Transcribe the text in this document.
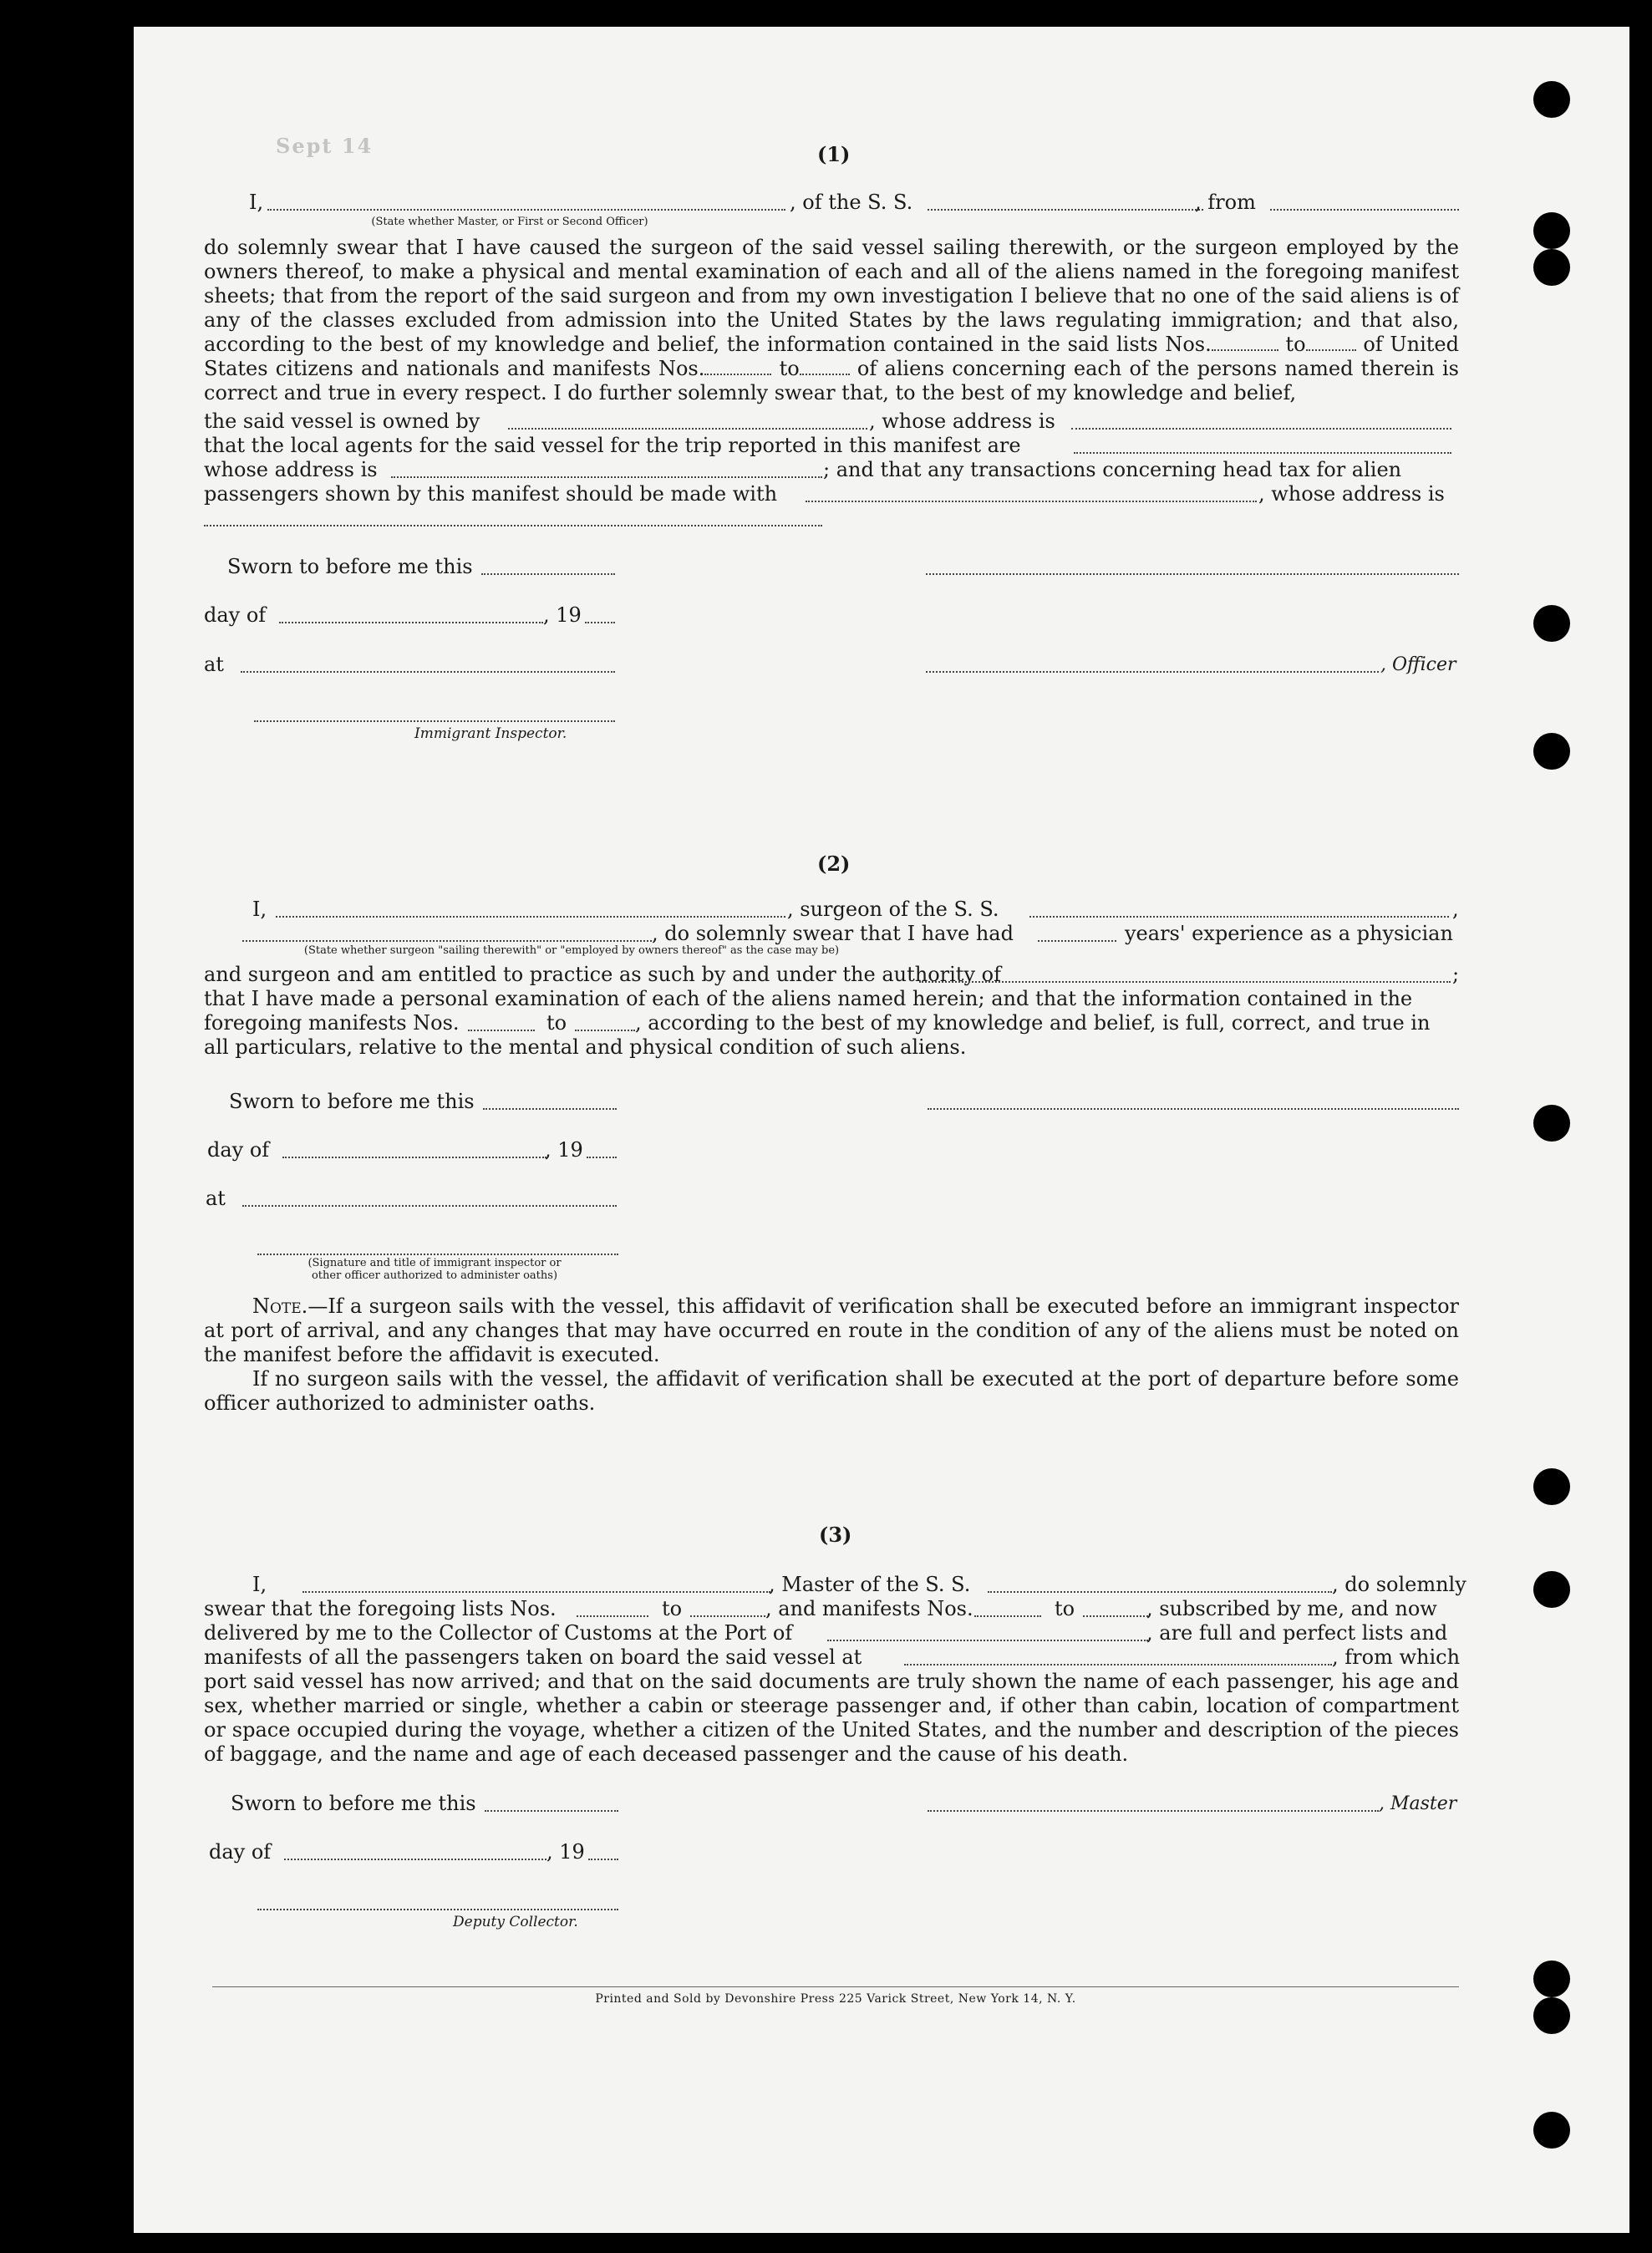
Sept 14	(1)
I,	, of the S. S.	, from
(State whether Master, or First or Second Officer)

do solemnly swear that I have caused the surgeon of the said vessel sailing therewith, or the surgeon employed by the owners thereof, to make a physical and mental examination of each and all of the aliens named in the foregoing manifest sheets; that from the report of the said surgeon and from my own investigation I believe that no one of the said aliens is of any of the classes excluded from admission into the United States by the laws regulating immigration; and that also, according to the best of my knowledge and belief, the information contained in the said lists Nos.	to	of United States citizens and nationals and manifests Nos.	to	of aliens concerning each of the persons named therein is correct and true in every respect. I do further solemnly swear that, to the best of my knowledge and belief,

the said vessel is owned by	, whose address is
that the local agents for the said vessel for the trip reported in this manifest are
whose address is	; and that any transactions concerning head tax for alien
passengers shown by this manifest should be made with	, whose address is
Sworn to before me this
day of	, 19
at	, Officer
Immigrant Inspector.
(2)
I,	, surgeon of the S. S.	,
, do solemnly swear that I have had	years' experience as a physician
(State whether surgeon "sailing therewith" or "employed by owners thereof" as the case may be)
and surgeon and am entitled to practice as such by and under the authority of	;
that I have made a personal examination of each of the aliens named herein; and that the information contained in the
foregoing manifests Nos.	to	, according to the best of my knowledge and belief, is full, correct, and true in
all particulars, relative to the mental and physical condition of such aliens.
Sworn to before me this
day of	, 19
at
(Signature and title of immigrant inspector or
other officer authorized to administer oaths)

Note.—If a surgeon sails with the vessel, this affidavit of verification shall be executed before an immigrant inspector at port of arrival, and any changes that may have occurred en route in the condition of any of the aliens must be noted on the manifest before the affidavit is executed.

If no surgeon sails with the vessel, the affidavit of verification shall be executed at the port of departure before some officer authorized to administer oaths.

(3)
I,	, Master of the S. S.	, do solemnly
swear that the foregoing lists Nos.	to	, and manifests Nos.	to	, subscribed by me, and now
delivered by me to the Collector of Customs at the Port of	, are full and perfect lists and
manifests of all the passengers taken on board the said vessel at	, from which

port said vessel has now arrived; and that on the said documents are truly shown the name of each passenger, his age and sex, whether married or single, whether a cabin or steerage passenger and, if other than cabin, location of compartment or space occupied during the voyage, whether a citizen of the United States, and the number and description of the pieces of baggage, and the name and age of each deceased passenger and the cause of his death.

Sworn to before me this	, Master
day of	, 19
Deputy Collector.
Printed and Sold by Devonshire Press 225 Varick Street, New York 14, N. Y.
